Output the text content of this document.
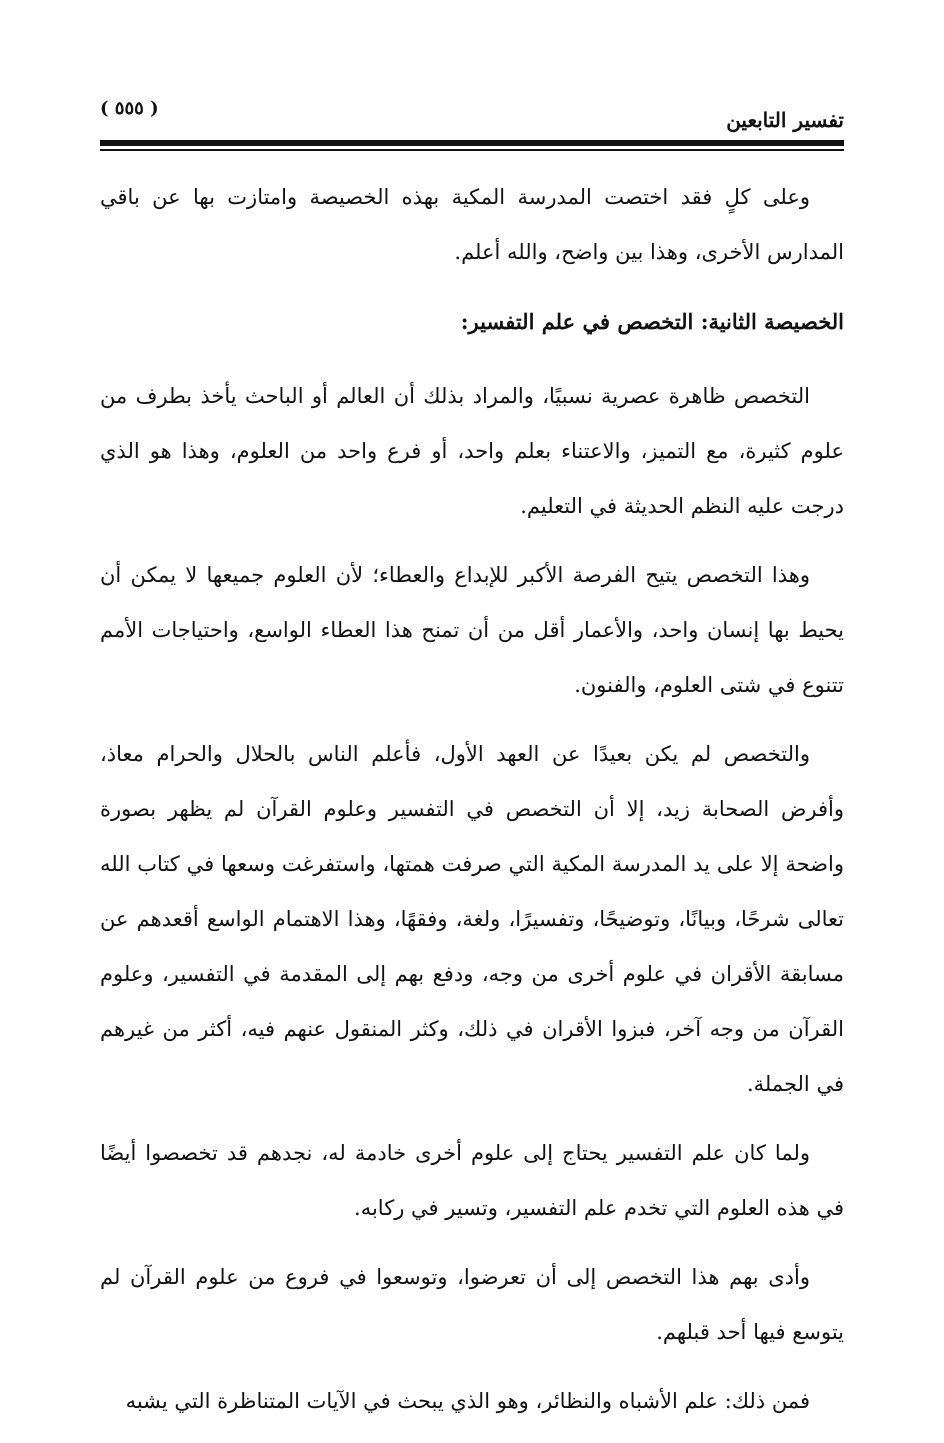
تفسير التابعين
( ٥٥٥ )

وعلى كلٍ فقد اختصت المدرسة المكية بهذه الخصيصة وامتازت بها عن باقي المدارس الأخرى، وهذا بين واضح، والله أعلم.

الخصيصة الثانية: التخصص في علم التفسير:

التخصص ظاهرة عصرية نسبيًا، والمراد بذلك أن العالم أو الباحث يأخذ بطرف من علوم كثيرة، مع التميز، والاعتناء بعلم واحد، أو فرع واحد من العلوم، وهذا هو الذي درجت عليه النظم الحديثة في التعليم.

وهذا التخصص يتيح الفرصة الأكبر للإبداع والعطاء؛ لأن العلوم جميعها لا يمكن أن يحيط بها إنسان واحد، والأعمار أقل من أن تمنح هذا العطاء الواسع، واحتياجات الأمم تتنوع في شتى العلوم، والفنون.

والتخصص لم يكن بعيدًا عن العهد الأول، فأعلم الناس بالحلال والحرام معاذ، وأفرض الصحابة زيد، إلا أن التخصص في التفسير وعلوم القرآن لم يظهر بصورة واضحة إلا على يد المدرسة المكية التي صرفت همتها، واستفرغت وسعها في كتاب الله تعالى شرحًا، وبيانًا، وتوضيحًا، وتفسيرًا، ولغة، وفقهًا، وهذا الاهتمام الواسع أقعدهم عن مسابقة الأقران في علوم أخرى من وجه، ودفع بهم إلى المقدمة في التفسير، وعلوم القرآن من وجه آخر، فبزوا الأقران في ذلك، وكثر المنقول عنهم فيه، أكثر من غيرهم في الجملة.

ولما كان علم التفسير يحتاج إلى علوم أخرى خادمة له، نجدهم قد تخصصوا أيضًا في هذه العلوم التي تخدم علم التفسير، وتسير في ركابه.

وأدى بهم هذا التخصص إلى أن تعرضوا، وتوسعوا في فروع من علوم القرآن لم يتوسع فيها أحد قبلهم.

فمن ذلك: علم الأشباه والنظائر، وهو الذي يبحث في الآيات المتناظرة التي يشبه
